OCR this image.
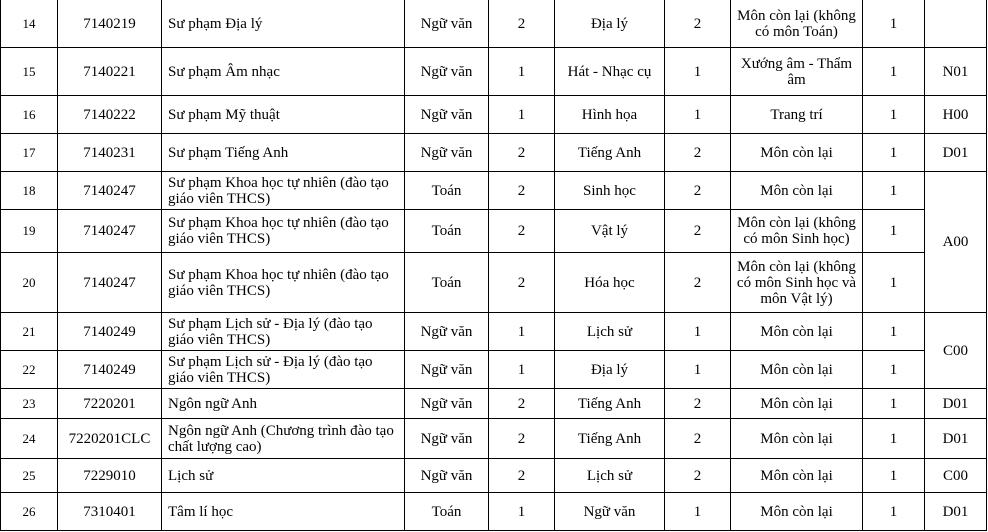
14	7140219	Sư phạm Địa lý	Ngữ văn	2	Địa lý	2	Môn còn lại (không có môn Toán)	1	
15	7140221	Sư phạm Âm nhạc	Ngữ văn	1	Hát - Nhạc cụ	1	Xướng âm - Thẩm âm	1	N01
16	7140222	Sư phạm Mỹ thuật	Ngữ văn	1	Hình họa	1	Trang trí	1	H00
17	7140231	Sư phạm Tiếng Anh	Ngữ văn	2	Tiếng Anh	2	Môn còn lại	1	D01
18	7140247	Sư phạm Khoa học tự nhiên (đào tạo giáo viên THCS)	Toán	2	Sinh học	2	Môn còn lại	1	A00
19	7140247	Sư phạm Khoa học tự nhiên (đào tạo giáo viên THCS)	Toán	2	Vật lý	2	Môn còn lại (không có môn Sinh học)	1	
20	7140247	Sư phạm Khoa học tự nhiên (đào tạo giáo viên THCS)	Toán	2	Hóa học	2	Môn còn lại (không có môn Sinh học và môn Vật lý)	1	
21	7140249	Sư phạm Lịch sử - Địa lý (đào tạo giáo viên THCS)	Ngữ văn	1	Lịch sử	1	Môn còn lại	1	C00
22	7140249	Sư phạm Lịch sử - Địa lý (đào tạo giáo viên THCS)	Ngữ văn	1	Địa lý	1	Môn còn lại	1	
23	7220201	Ngôn ngữ Anh	Ngữ văn	2	Tiếng Anh	2	Môn còn lại	1	D01
24	7220201CLC	Ngôn ngữ Anh (Chương trình đào tạo chất lượng cao)	Ngữ văn	2	Tiếng Anh	2	Môn còn lại	1	D01
25	7229010	Lịch sử	Ngữ văn	2	Lịch sử	2	Môn còn lại	1	C00
26	7310401	Tâm lí học	Toán	1	Ngữ văn	1	Môn còn lại	1	D01
